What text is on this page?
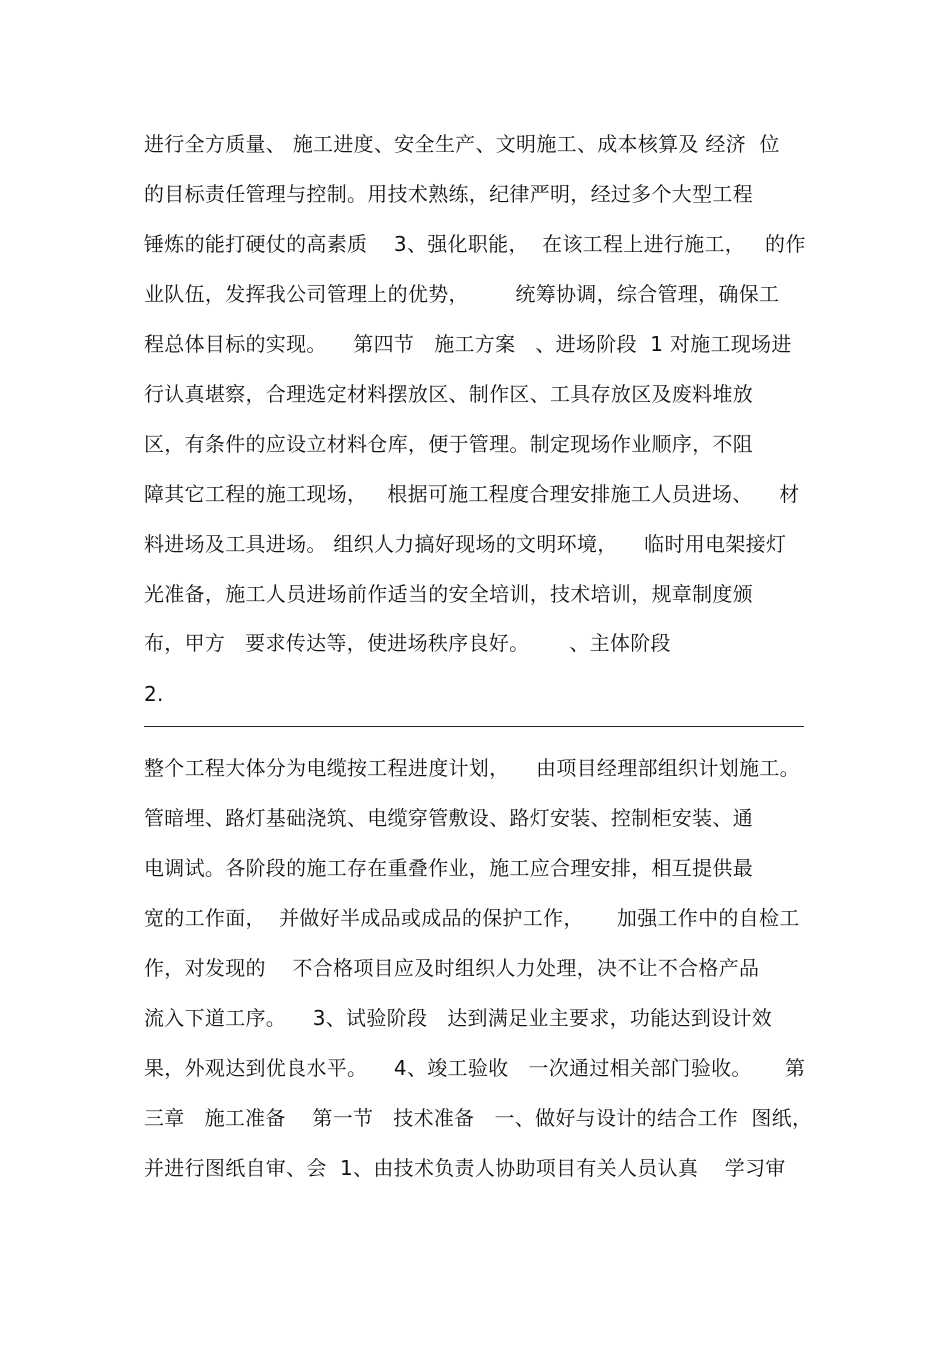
进行全方质量、 施工进度、安全生产、文明施工、成本核算及 经济  位
的目标责任管理与控制。用技术熟练，纪律严明，经过多个大型工程
锤炼的能打硬仗的高素质    3、强化职能，  在该工程上进行施工，   的作
业队伍，发挥我公司管理上的优势，       统筹协调，综合管理，确保工
程总体目标的实现。    第四节   施工方案   、进场阶段  1 对施工现场进
行认真堪察，合理选定材料摆放区、制作区、工具存放区及废料堆放
区，有条件的应设立材料仓库，便于管理。制定现场作业顺序，不阻
障其它工程的施工现场，   根据可施工程度合理安排施工人员进场、    材
料进场及工具进场。 组织人力搞好现场的文明环境，    临时用电架接灯
光准备，施工人员进场前作适当的安全培训，技术培训，规章制度颁
布，甲方   要求传达等，使进场秩序良好。      、主体阶段
2.
整个工程大体分为电缆按工程进度计划，    由项目经理部组织计划施工。
管暗埋、路灯基础浇筑、电缆穿管敷设、路灯安装、控制柜安装、通
电调试。各阶段的施工存在重叠作业，施工应合理安排，相互提供最
宽的工作面，  并做好半成品或成品的保护工作，     加强工作中的自检工
作，对发现的    不合格项目应及时组织人力处理，决不让不合格产品
流入下道工序。    3、试验阶段   达到满足业主要求，功能达到设计效
果，外观达到优良水平。    4、竣工验收   一次通过相关部门验收。     第
三章   施工准备    第一节   技术准备   一、做好与设计的结合工作  图纸，
并进行图纸自审、会  1、由技术负责人协助项目有关人员认真    学习审
